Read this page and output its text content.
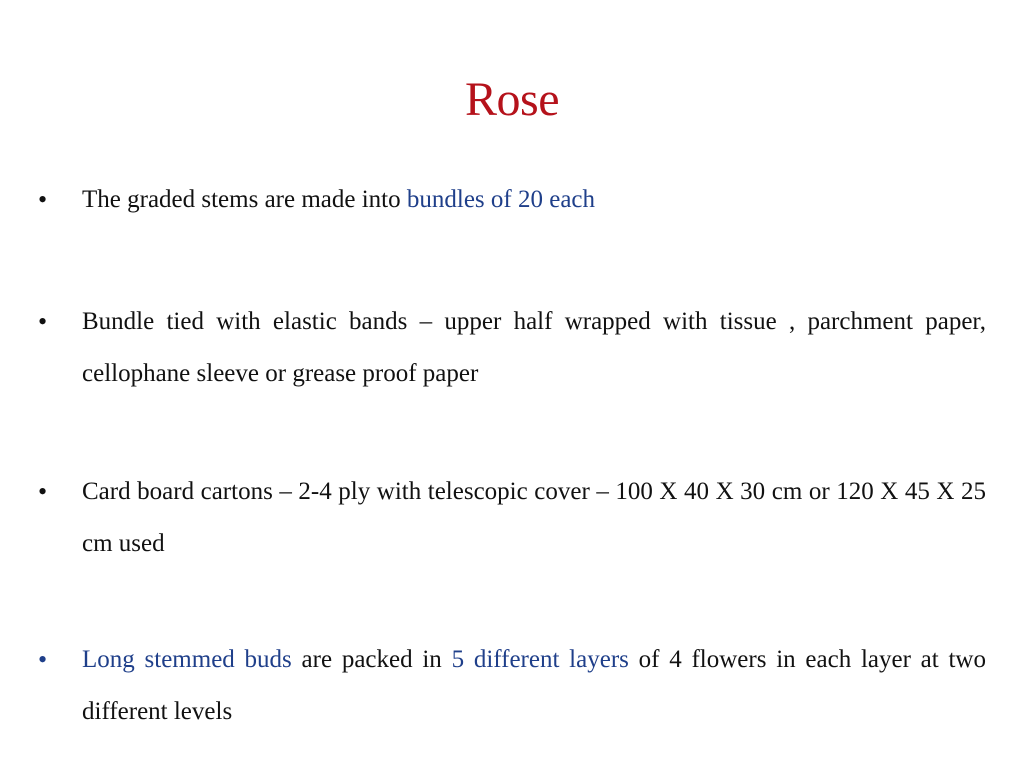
Rose
• The graded stems are made into bundles of 20 each
• Bundle tied with elastic bands – upper half wrapped with tissue , parchment paper, cellophane sleeve or grease proof paper
• Card board cartons – 2-4 ply with telescopic cover – 100 X 40 X 30 cm or 120 X 45 X 25 cm used
• Long stemmed buds are packed in 5 different layers of 4 flowers in each layer at two different levels
